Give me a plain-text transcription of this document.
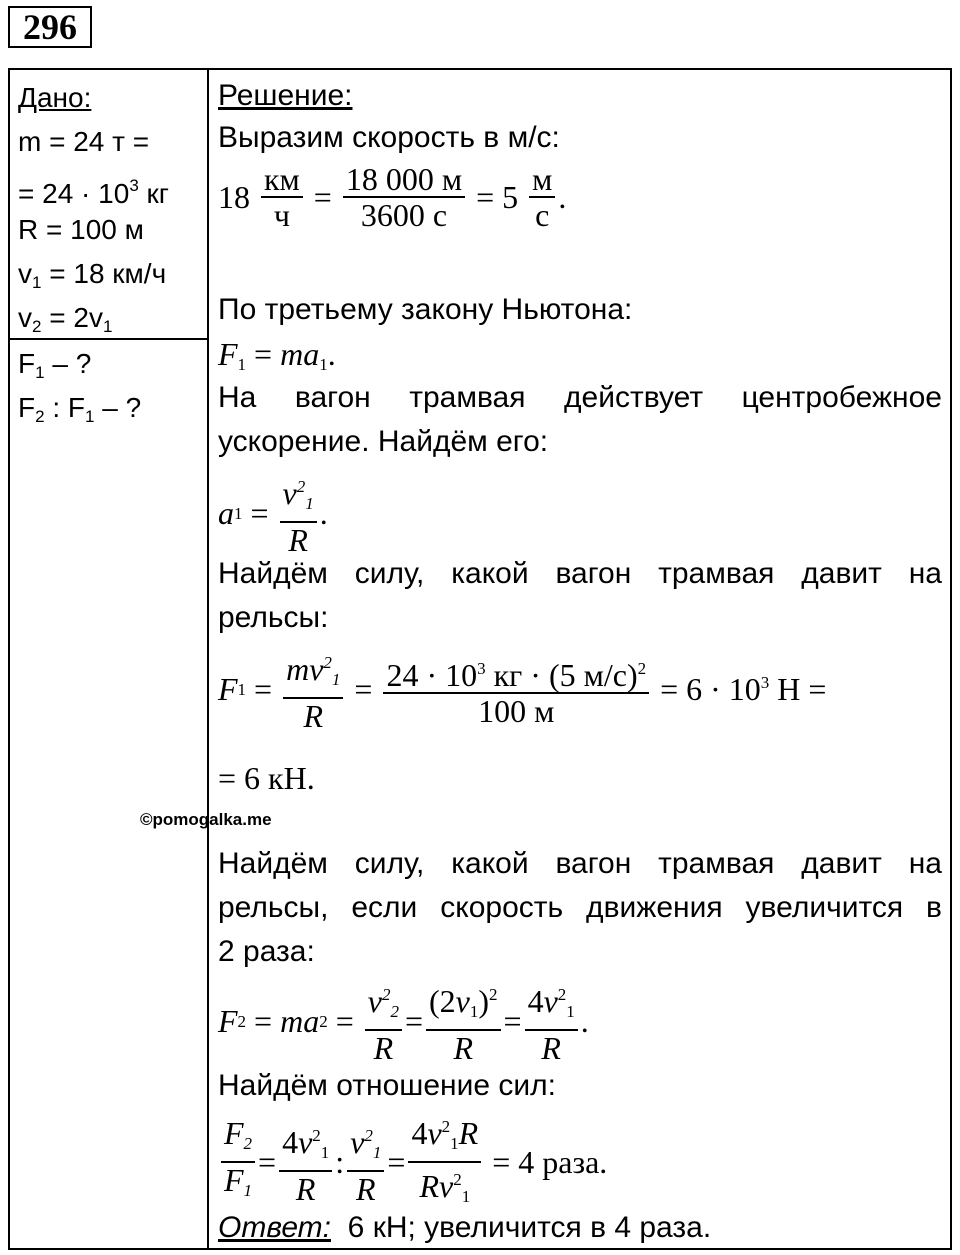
296
Дано:
m = 24 т =
= $24 \cdot 10^3$ кг
R = 100 м
$v_1 = 18$ км/ч
$v_2 = 2v_1$
$F_1$ – ?
$F_2$ : $F_1$ – ?
Решение:
Выразим скорость в м/с:
18 км
ч
= 18 000 м
3600 с
= 5 м
с
.
По третьему закону Ньютона:
$F_1 = ma_1$.
На вагон трамвая действует центробежное
ускорение. Найдём его:
a $1 = \frac{v^2_1}{R}$ .
Найдём силу, какой вагон трамвая давит на
рельсы:
F $1 = \frac{mv^2_1}{R} = 24 \cdot 10^3$ кг · (5 м/с)$^2$
100 м
= $6 \cdot 10^3$ Н =
= 6 кН.
Найдём силу, какой вагон трамвая давит на
рельсы, если скорость движения увеличится в
2 раза:
F 2 = ma $2 = \frac{v^2_2}{R} = \frac{(2v_1)^2}{R} = \frac{4v^2_1}{R}$ .
Найдём отношение сил:
$\frac{F_2}{F_1} = \frac{4v^2_1}{R}$ : $\frac{v^2_1}{R} = \frac{4v^2_1R}{Rv^2_1} = 4$ раза.
Ответ:  6 кН; увеличится в 4 раза.
©pomogalka.me
